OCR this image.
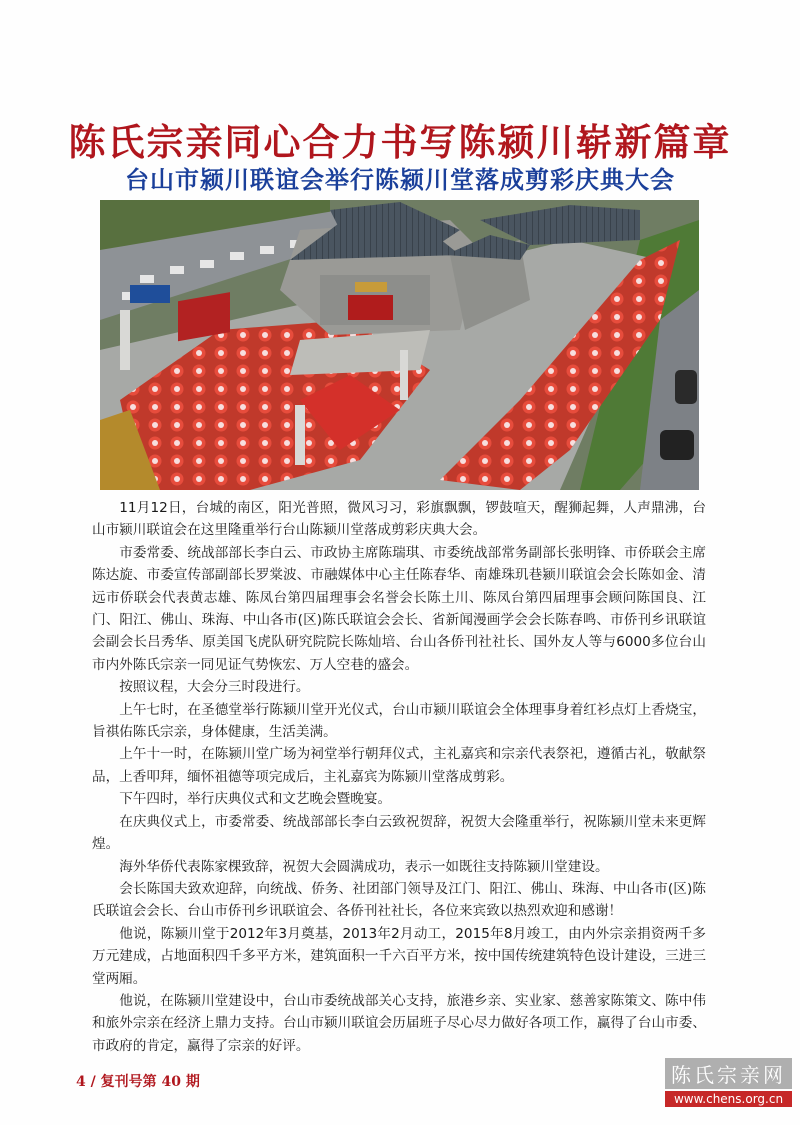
陈氏宗亲同心合力书写陈颍川崭新篇章
台山市颍川联谊会举行陈颍川堂落成剪彩庆典大会

11月12日，台城的南区，阳光普照，微风习习，彩旗飘飘，锣鼓喧天，醒狮起舞，人声鼎沸，台山市颍川联谊会在这里隆重举行台山陈颍川堂落成剪彩庆典大会。

市委常委、统战部部长李白云、市政协主席陈瑞琪、市委统战部常务副部长张明锋、市侨联会主席陈达旋、市委宣传部副部长罗棠波、市融媒体中心主任陈春华、南雄珠玑巷颍川联谊会会长陈如金、清远市侨联会代表黄志雄、陈凤台第四届理事会名誉会长陈土川、陈凤台第四届理事会顾问陈国良、江门、阳江、佛山、珠海、中山各市(区)陈氏联谊会会长、省新闻漫画学会会长陈春鸣、市侨刊乡讯联谊会副会长吕秀华、原美国飞虎队研究院院长陈灿培、台山各侨刊社社长、国外友人等与6000多位台山市内外陈氏宗亲一同见证气势恢宏、万人空巷的盛会。

按照议程，大会分三时段进行。

上午七时，在圣德堂举行陈颍川堂开光仪式，台山市颍川联谊会全体理事身着红衫点灯上香烧宝，旨祺佑陈氏宗亲，身体健康，生活美满。

上午十一时，在陈颍川堂广场为祠堂举行朝拜仪式，主礼嘉宾和宗亲代表祭祀，遵循古礼，敬献祭品，上香叩拜，缅怀祖德等项完成后，主礼嘉宾为陈颍川堂落成剪彩。

下午四时，举行庆典仪式和文艺晚会暨晚宴。

在庆典仪式上，市委常委、统战部部长李白云致祝贺辞，祝贺大会隆重举行，祝陈颍川堂未来更辉煌。

海外华侨代表陈家棵致辞，祝贺大会圆满成功，表示一如既往支持陈颍川堂建设。

会长陈国夫致欢迎辞，向统战、侨务、社团部门领导及江门、阳江、佛山、珠海、中山各市(区)陈氏联谊会会长、台山市侨刊乡讯联谊会、各侨刊社社长，各位来宾致以热烈欢迎和感谢！

他说，陈颍川堂于2012年3月奠基，2013年2月动工，2015年8月竣工，由内外宗亲捐资两千多万元建成，占地面积四千多平方米，建筑面积一千六百平方米，按中国传统建筑特色设计建设，三进三堂两厢。

他说，在陈颍川堂建设中，台山市委统战部关心支持，旅港乡亲、实业家、慈善家陈策文、陈中伟和旅外宗亲在经济上鼎力支持。台山市颍川联谊会历届班子尽心尽力做好各项工作，赢得了台山市委、市政府的肯定，赢得了宗亲的好评。

4 / 复刊号第 40 期	陈氏宗亲网
www.chens.org.cn
